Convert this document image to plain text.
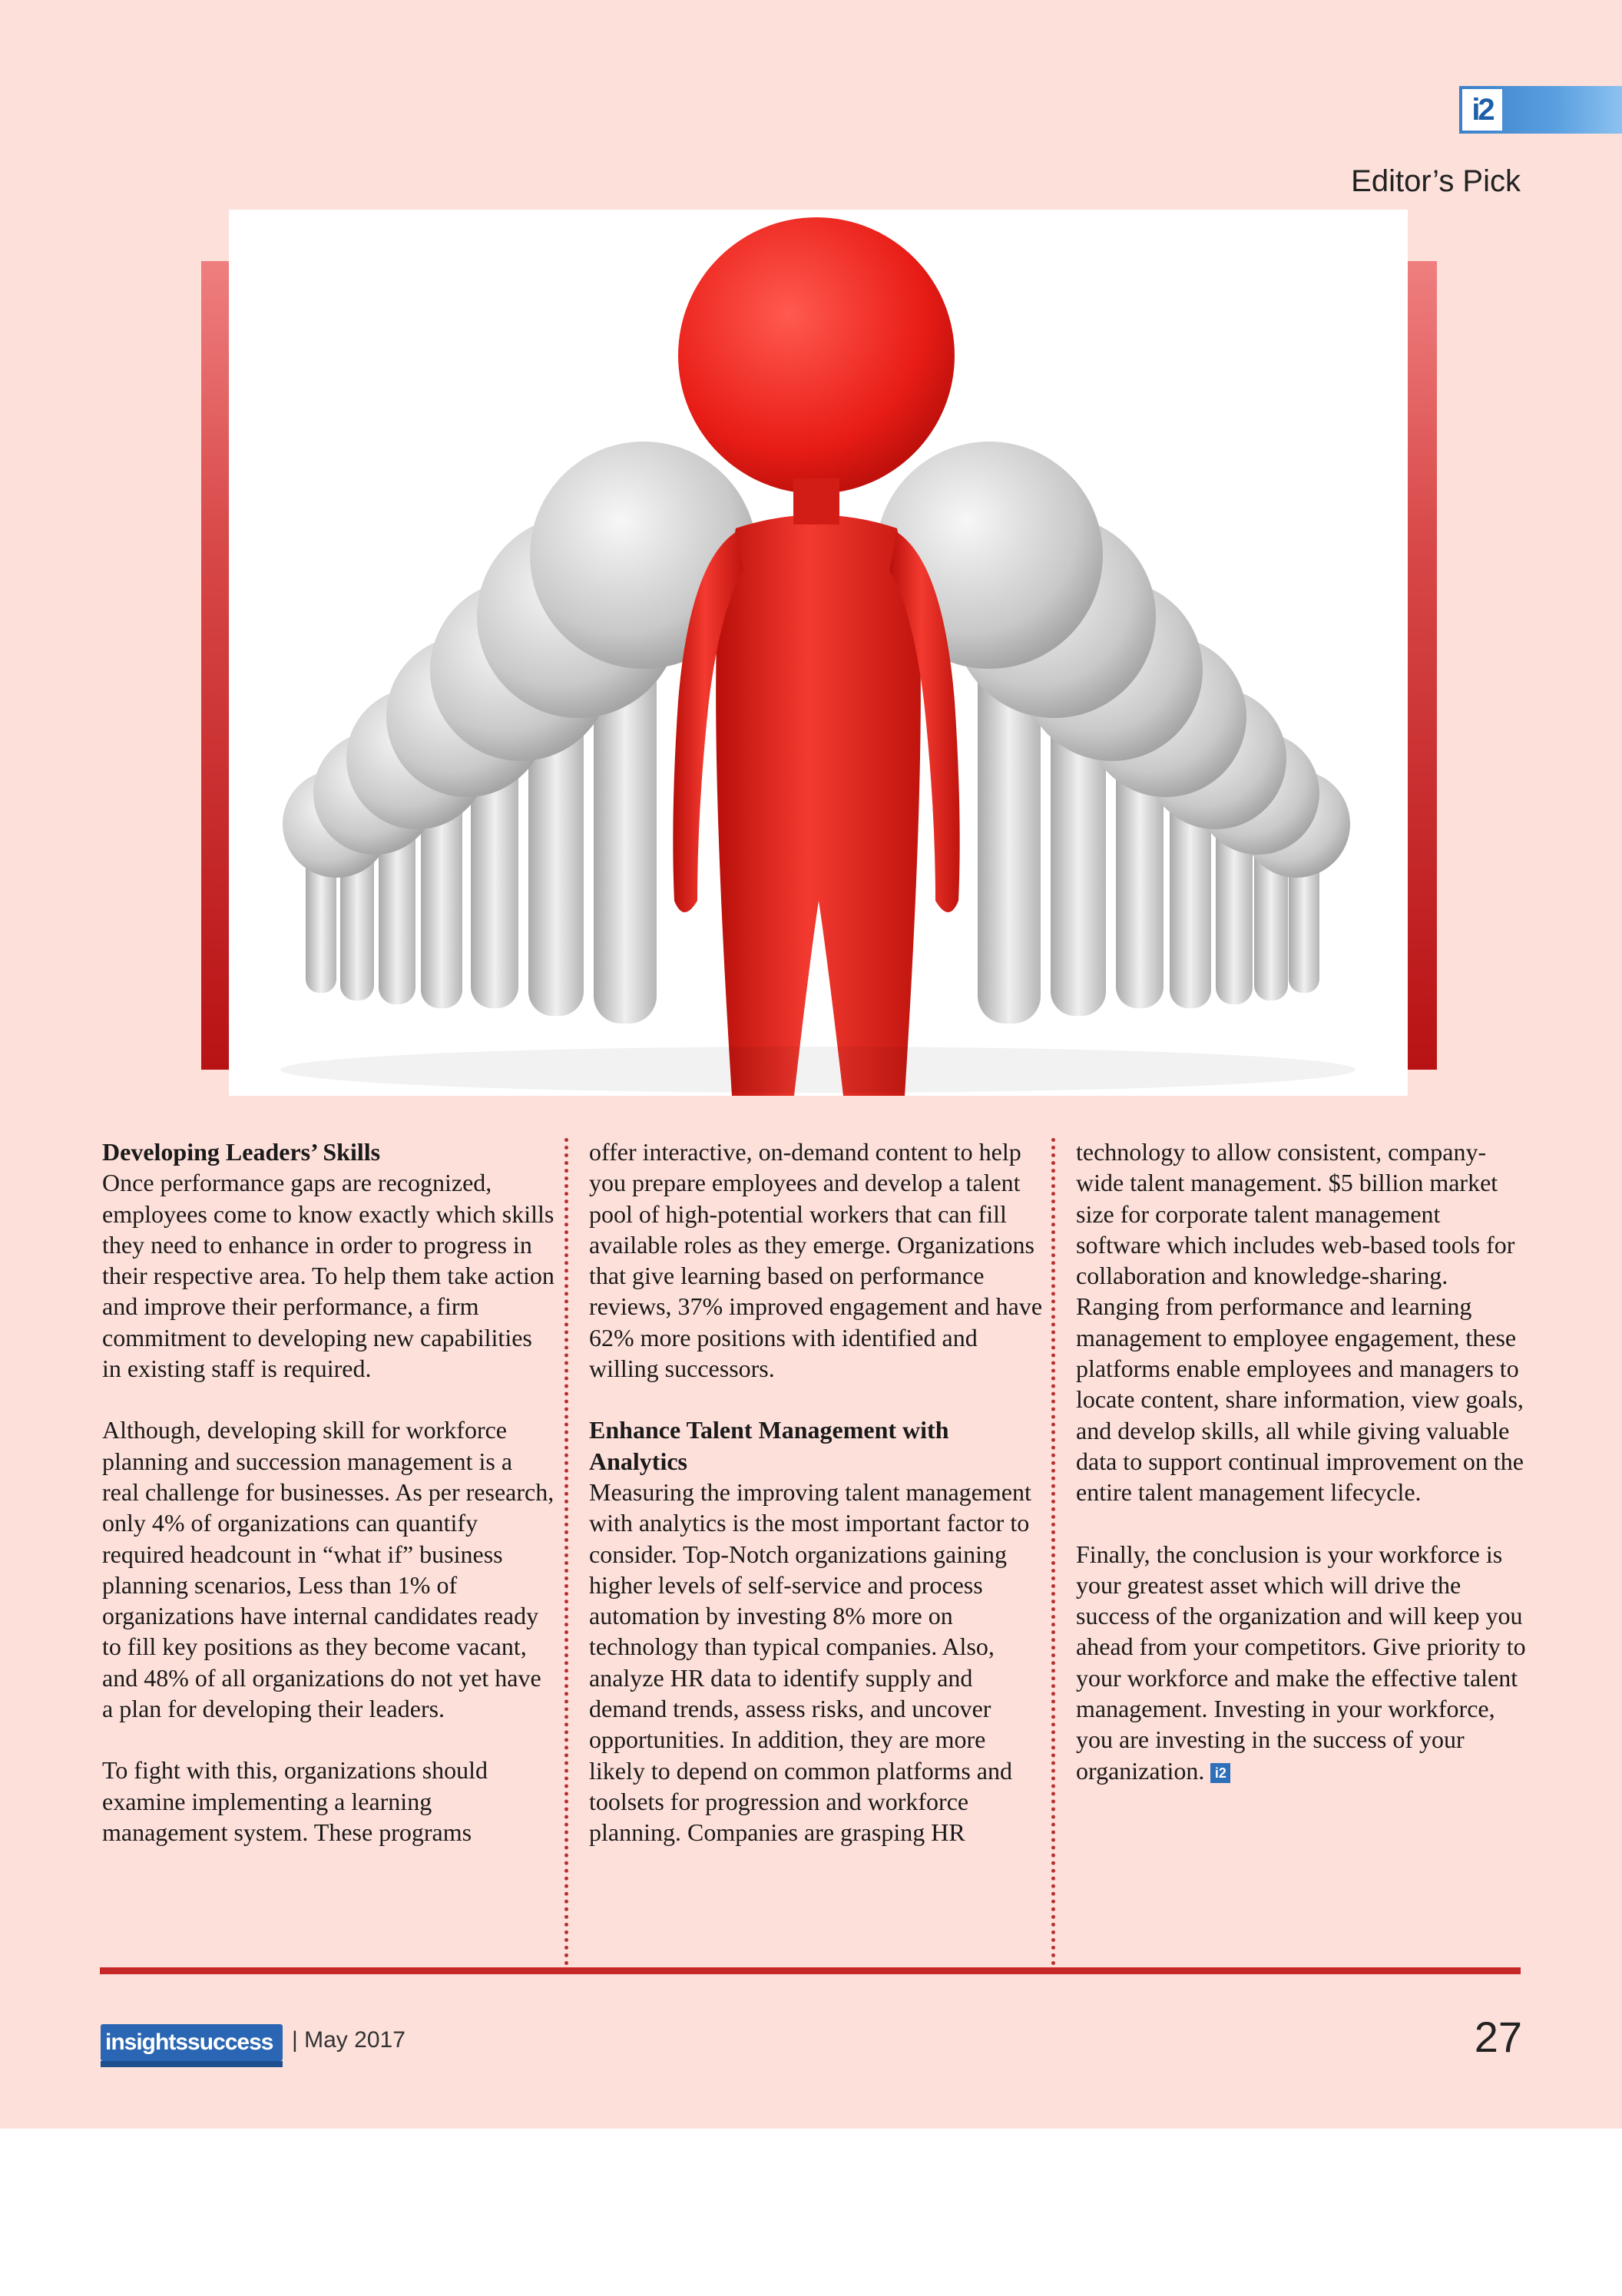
i2
Editor’s Pick
Developing Leaders’ Skills

Once performance gaps are recognized, employees come to know exactly which skills they need to enhance in order to progress in their respective area. To help them take action and improve their performance, a firm commitment to developing new capabilities in existing staff is required.

Although, developing skill for workforce planning and succession management is a real challenge for businesses. As per research, only 4% of organizations can quantify required headcount in “what if” business planning scenarios, Less than 1% of organizations have internal candidates ready to fill key positions as they become vacant, and 48% of all organizations do not yet have a plan for developing their leaders.

To fight with this, organizations should examine implementing a learning management system. These programs

offer interactive, on-demand content to help you prepare employees and develop a talent pool of high-potential workers that can fill available roles as they emerge. Organizations that give learning based on performance reviews, 37% improved engagement and have 62% more positions with identified and willing successors.

Enhance Talent Management with Analytics

Measuring the improving talent management with analytics is the most important factor to consider. Top-Notch organizations gaining higher levels of self-service and process automation by investing 8% more on technology than typical companies. Also, analyze HR data to identify supply and demand trends, assess risks, and uncover opportunities. In addition, they are more likely to depend on common platforms and toolsets for progression and workforce planning. Companies are grasping HR

technology to allow consistent, company-wide talent management. $5 billion market size for corporate talent management software which includes web-based tools for collaboration and knowledge-sharing. Ranging from performance and learning management to employee engagement, these platforms enable employees and managers to locate content, share information, view goals, and develop skills, all while giving valuable data to support continual improvement on the entire talent management lifecycle.

Finally, the conclusion is your workforce is your greatest asset which will drive the success of the organization and will keep you ahead from your competitors. Give priority to your workforce and make the effective talent management. Investing in your workforce, you are investing in the success of your organization. i2

insightssuccess | May 2017	27
